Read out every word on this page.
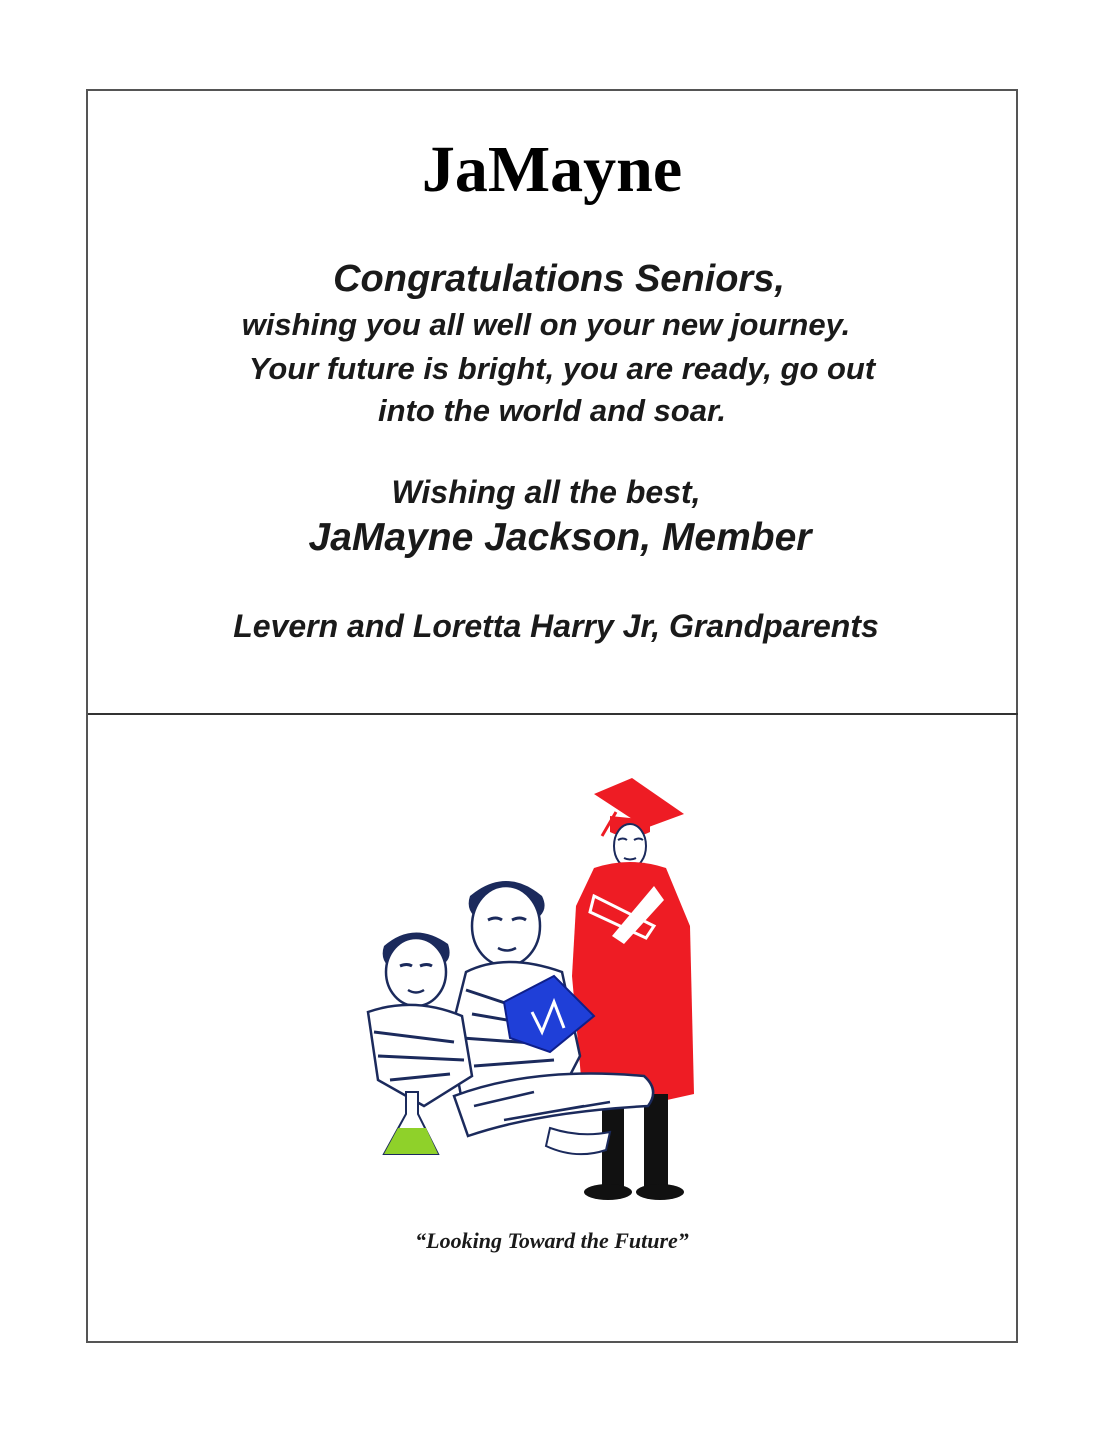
JaMayne

Congratulations Seniors,

wishing you all well on your new journey.

Your future is bright, you are ready, go out

into the world and soar.

Wishing all the best,

JaMayne Jackson, Member

Levern and Loretta Harry Jr, Grandparents

“Looking Toward the Future”
